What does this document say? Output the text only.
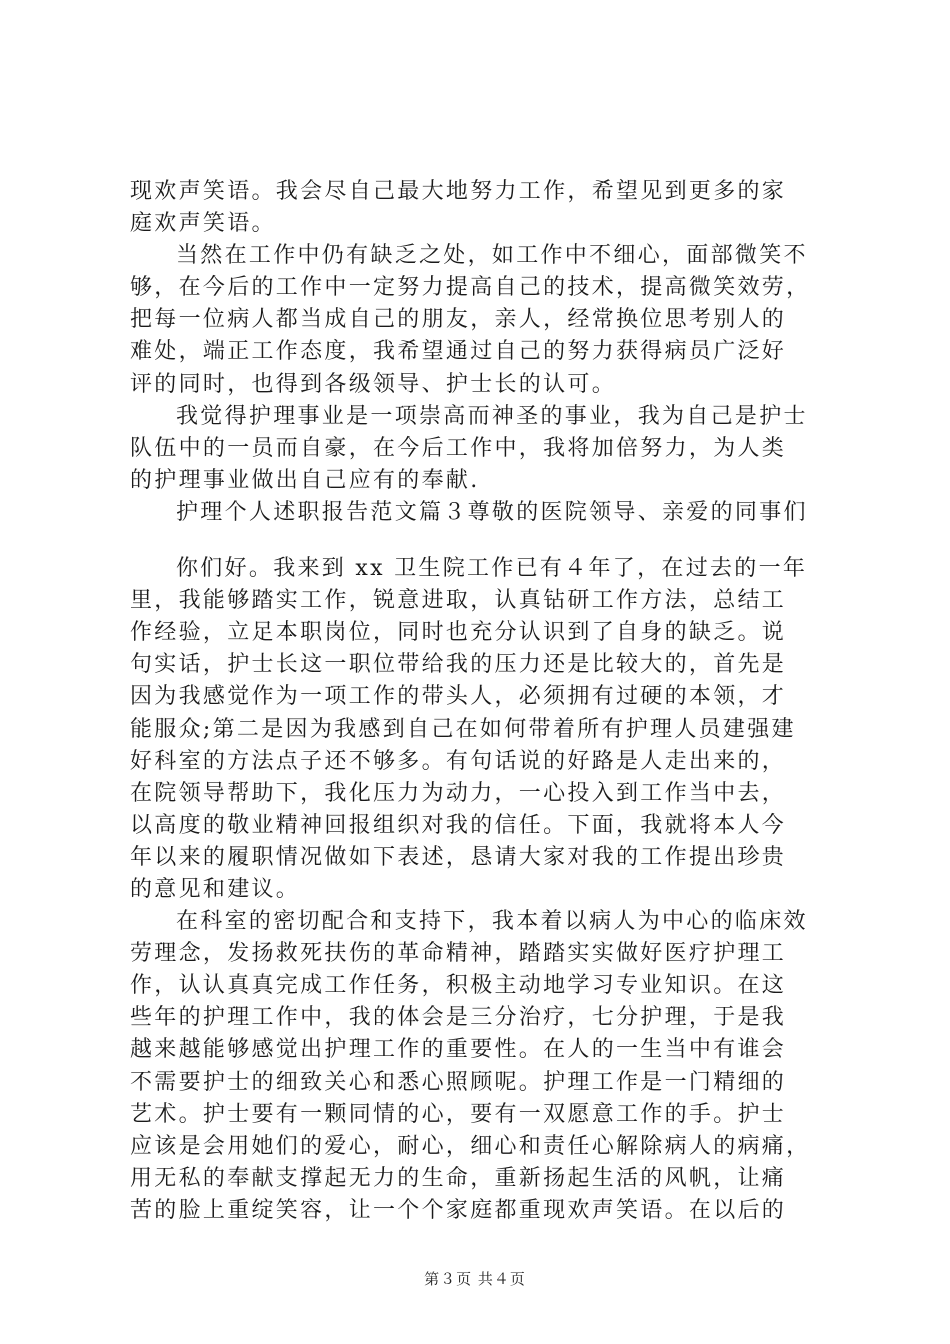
现欢声笑语。我会尽自己最大地努力工作，希望见到更多的家
庭欢声笑语。
当然在工作中仍有缺乏之处，如工作中不细心，面部微笑不
够，在今后的工作中一定努力提高自己的技术，提高微笑效劳，
把每一位病人都当成自己的朋友，亲人，经常换位思考别人的
难处，端正工作态度，我希望通过自己的努力获得病员广泛好
评的同时，也得到各级领导、护士长的认可。
我觉得护理事业是一项崇高而神圣的事业，我为自己是护士
队伍中的一员而自豪，在今后工作中，我将加倍努力，为人类
的护理事业做出自己应有的奉献.
护理个人述职报告范文篇３尊敬的医院领导、亲爱的同事们
你们好。我来到 xx 卫生院工作已有４年了，在过去的一年
里，我能够踏实工作，锐意进取，认真钻研工作方法，总结工
作经验，立足本职岗位，同时也充分认识到了自身的缺乏。说
句实话，护士长这一职位带给我的压力还是比较大的，首先是
因为我感觉作为一项工作的带头人，必须拥有过硬的本领，才
能服众;第二是因为我感到自己在如何带着所有护理人员建强建
好科室的方法点子还不够多。有句话说的好路是人走出来的，
在院领导帮助下，我化压力为动力，一心投入到工作当中去，
以高度的敬业精神回报组织对我的信任。下面，我就将本人今
年以来的履职情况做如下表述，恳请大家对我的工作提出珍贵
的意见和建议。
在科室的密切配合和支持下，我本着以病人为中心的临床效
劳理念，发扬救死扶伤的革命精神，踏踏实实做好医疗护理工
作，认认真真完成工作任务，积极主动地学习专业知识。在这
些年的护理工作中，我的体会是三分治疗，七分护理，于是我
越来越能够感觉出护理工作的重要性。在人的一生当中有谁会
不需要护士的细致关心和悉心照顾呢。护理工作是一门精细的
艺术。护士要有一颗同情的心，要有一双愿意工作的手。护士
应该是会用她们的爱心，耐心，细心和责任心解除病人的病痛，
用无私的奉献支撑起无力的生命，重新扬起生活的风帆，让痛
苦的脸上重绽笑容，让一个个家庭都重现欢声笑语。在以后的
第３页 共４页
